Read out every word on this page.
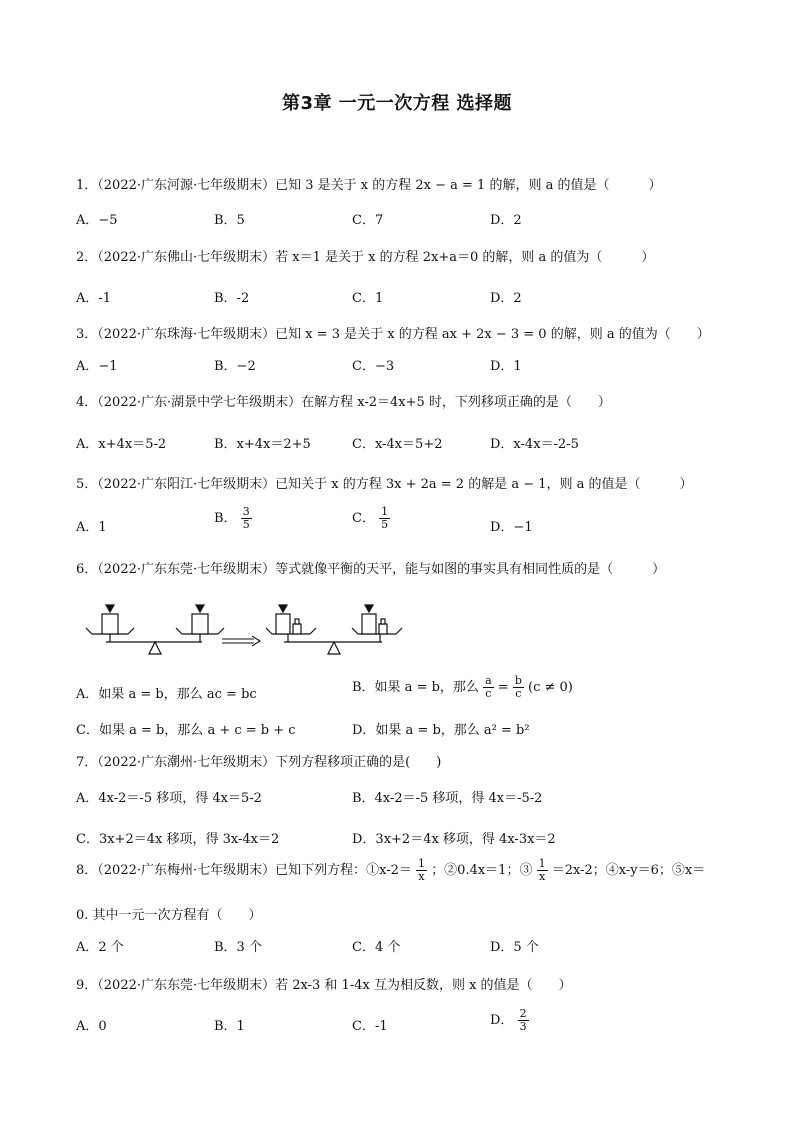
第3章 一元一次方程 选择题
1．（2022·广东河源·七年级期末）已知 3 是关于 x 的方程 2x − a = 1 的解，则 a 的值是（　　　）
A．−5	B．5	C．7	D．2
2．（2022·广东佛山·七年级期末）若 x＝1 是关于 x 的方程 2x+a＝0 的解，则 a 的值为（　　　）
A．-1	B．-2	C．1	D．2
3．（2022·广东珠海·七年级期末）已知 x = 3 是关于 x 的方程 ax + 2x − 3 = 0 的解，则 a 的值为（　　）
A．−1	B．−2	C．−3	D．1
4．（2022·广东·湖景中学七年级期末）在解方程 x-2＝4x+5 时，下列移项正确的是（　　）
A．x+4x＝5-2	B．x+4x＝2+5	C．x-4x＝5+2	D．x-4x＝-2-5
5．（2022·广东阳江·七年级期末）已知关于 x 的方程 3x + 2a = 2 的解是 a − 1，则 a 的值是（　　　）
A．1
B． $\frac{3}{5}$	C． $\frac{1}{5}$	D．−1
6．（2022·广东东莞·七年级期末）等式就像平衡的天平，能与如图的事实具有相同性质的是（　　　）
A．如果 a = b，那么 ac = bc	B．如果 a = b，那么 $\frac{a}{c} = \frac{b}{c} (c \ne 0)$
C．如果 a = b，那么 a + c = b + c	D．如果 a = b，那么 a² = b²
7．（2022·广东潮州·七年级期末）下列方程移项正确的是(　　)
A．4x-2＝-5 移项，得 4x＝5-2	B．4x-2＝-5 移项，得 4x＝-5-2
C．3x+2＝4x 移项，得 3x-4x＝2	D．3x+2＝4x 移项，得 4x-3x＝2
8．（2022·广东梅州·七年级期末）已知下列方程：①x-2＝ $\frac{1}{x}$ ；②0.4x＝1；③ $\frac{1}{x} =2x-2$；④x-y＝6；⑤x＝
0. 其中一元一次方程有（　　）
A．2 个	B．3 个	C．4 个	D．5 个
9．（2022·广东东莞·七年级期末）若 2x-3 和 1-4x 互为相反数，则 x 的值是（　　）
A．0	B．1	C．-1	D． $\frac{2}{3}$
